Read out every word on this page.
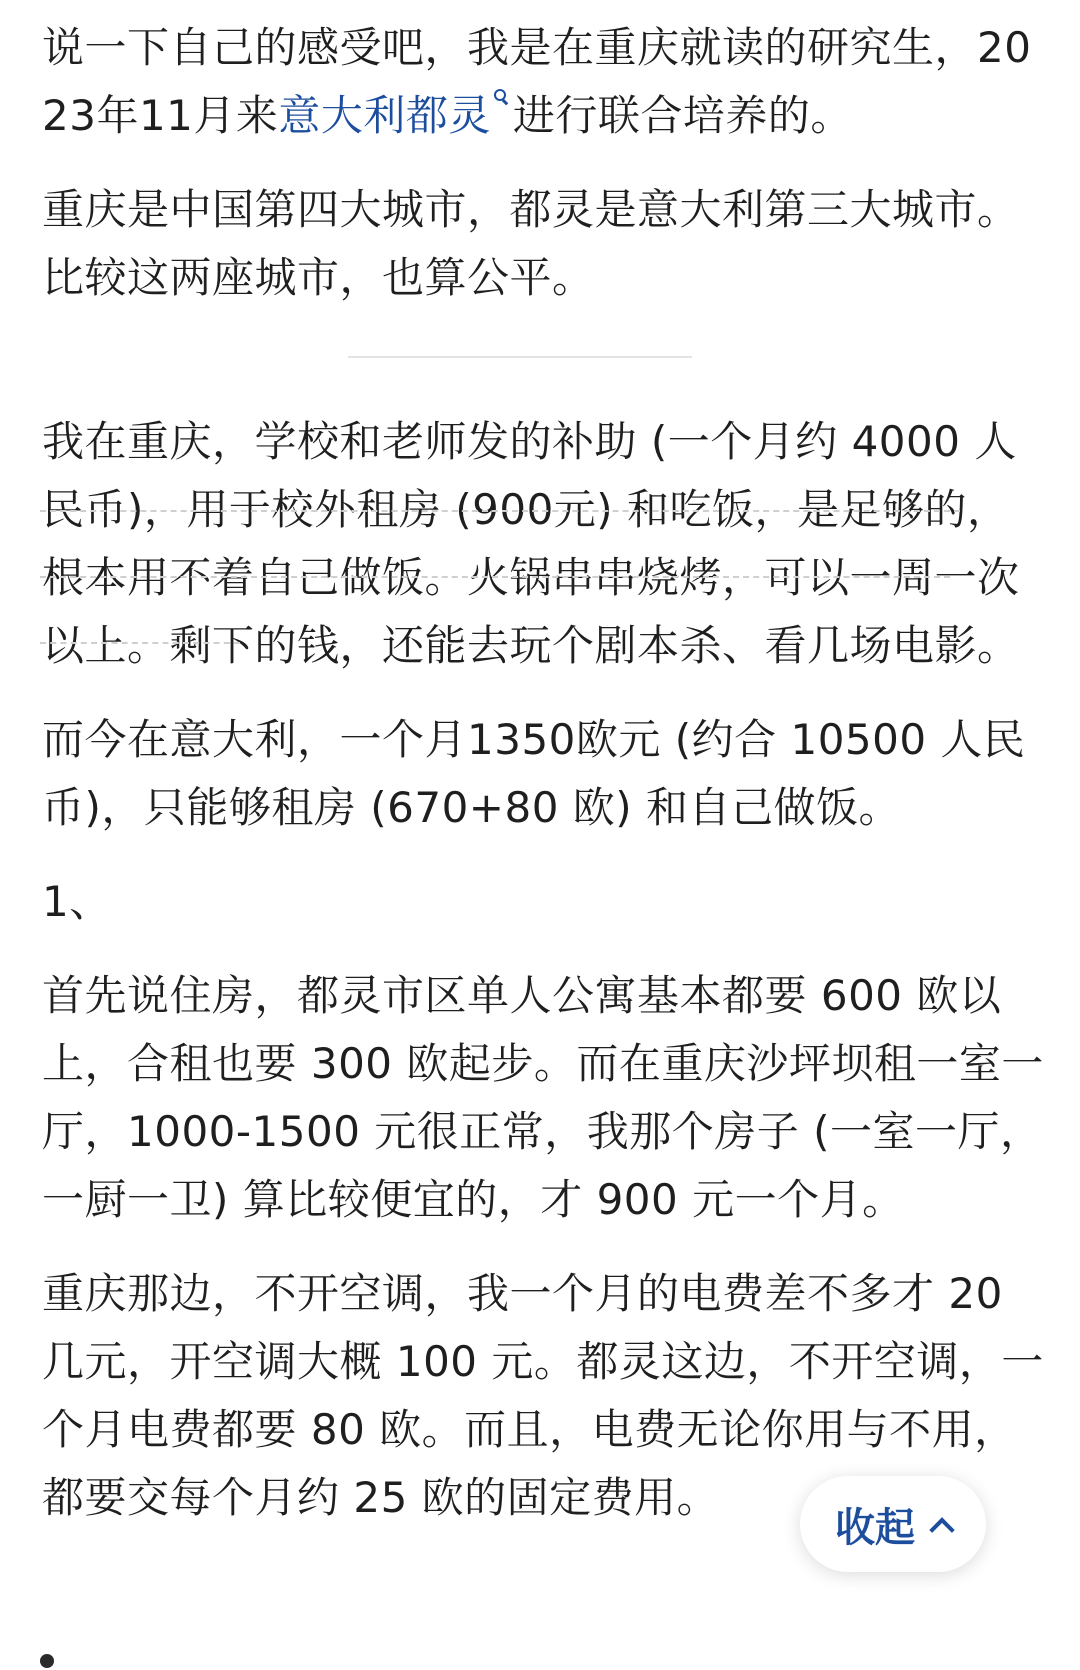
说一下自己的感受吧，我是在重庆就读的研究生，2023年11月来意大利都灵 进行联合培养的。

重庆是中国第四大城市，都灵是意大利第三大城市。比较这两座城市，也算公平。

我在重庆，学校和老师发的补助 (一个月约 4000 人民币)，用于校外租房 (900元) 和吃饭，是足够的，根本用不着自己做饭。火锅串串烧烤，可以一周一次以上。剩下的钱，还能去玩个剧本杀、看几场电影。

而今在意大利，一个月1350欧元 (约合 10500 人民币)，只能够租房 (670+80 欧) 和自己做饭。

1、

首先说住房，都灵市区单人公寓基本都要 600 欧以上，合租也要 300 欧起步。而在重庆沙坪坝租一室一厅，1000-1500 元很正常，我那个房子 (一室一厅，一厨一卫) 算比较便宜的，才 900 元一个月。

重庆那边，不开空调，我一个月的电费差不多才 20 几元，开空调大概 100 元。都灵这边，不开空调，一个月电费都要 80 欧。而且，电费无论你用与不用，都要交每个月约 25 欧的固定费用。

收起
